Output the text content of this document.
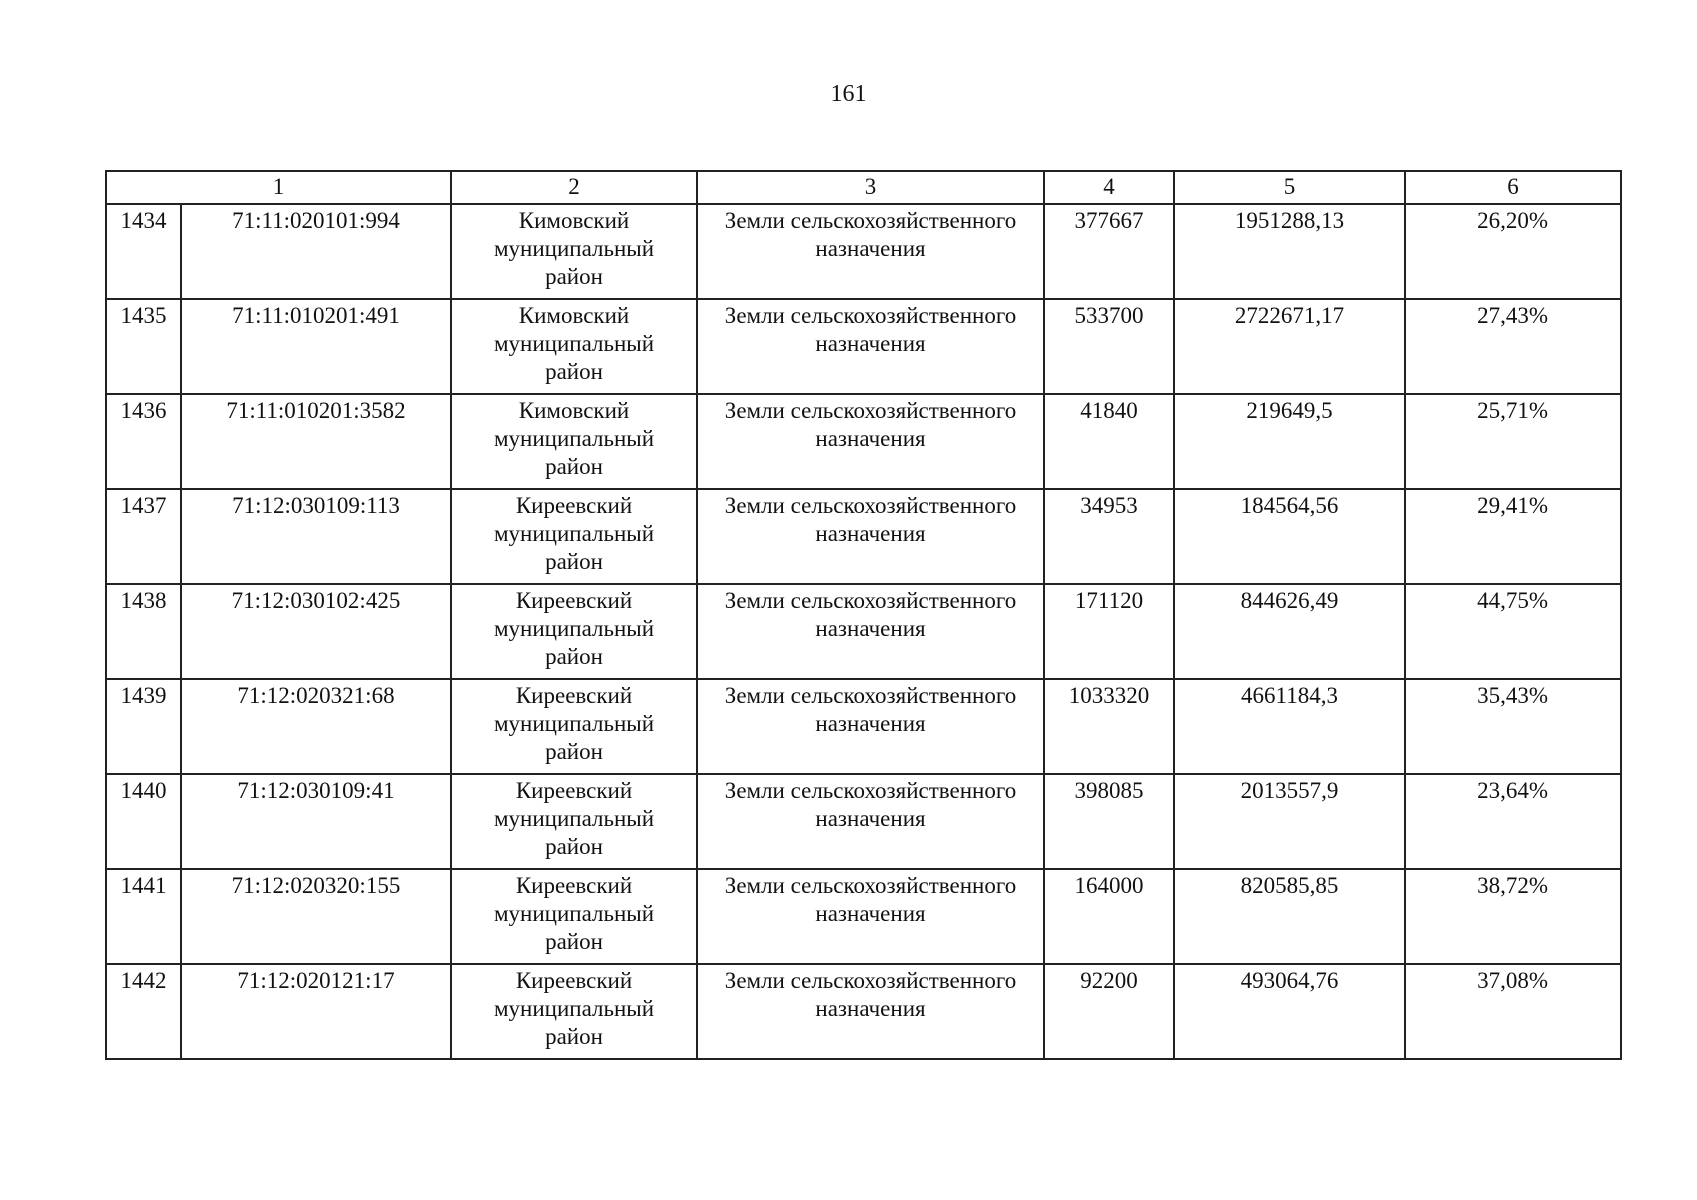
161
1		2	3	4	5	6
1434	71:11:020101:994	Кимовский
муниципальный
район	Земли сельскохозяйственного
назначения	377667	1951288,13	26,20%
1435	71:11:010201:491	Кимовский
муниципальный
район	Земли сельскохозяйственного
назначения	533700	2722671,17	27,43%
1436	71:11:010201:3582	Кимовский
муниципальный
район	Земли сельскохозяйственного
назначения	41840	219649,5	25,71%
1437	71:12:030109:113	Киреевский
муниципальный
район	Земли сельскохозяйственного
назначения	34953	184564,56	29,41%
1438	71:12:030102:425	Киреевский
муниципальный
район	Земли сельскохозяйственного
назначения	171120	844626,49	44,75%
1439	71:12:020321:68	Киреевский
муниципальный
район	Земли сельскохозяйственного
назначения	1033320	4661184,3	35,43%
1440	71:12:030109:41	Киреевский
муниципальный
район	Земли сельскохозяйственного
назначения	398085	2013557,9	23,64%
1441	71:12:020320:155	Киреевский
муниципальный
район	Земли сельскохозяйственного
назначения	164000	820585,85	38,72%
1442	71:12:020121:17	Киреевский
муниципальный
район	Земли сельскохозяйственного
назначения	92200	493064,76	37,08%
